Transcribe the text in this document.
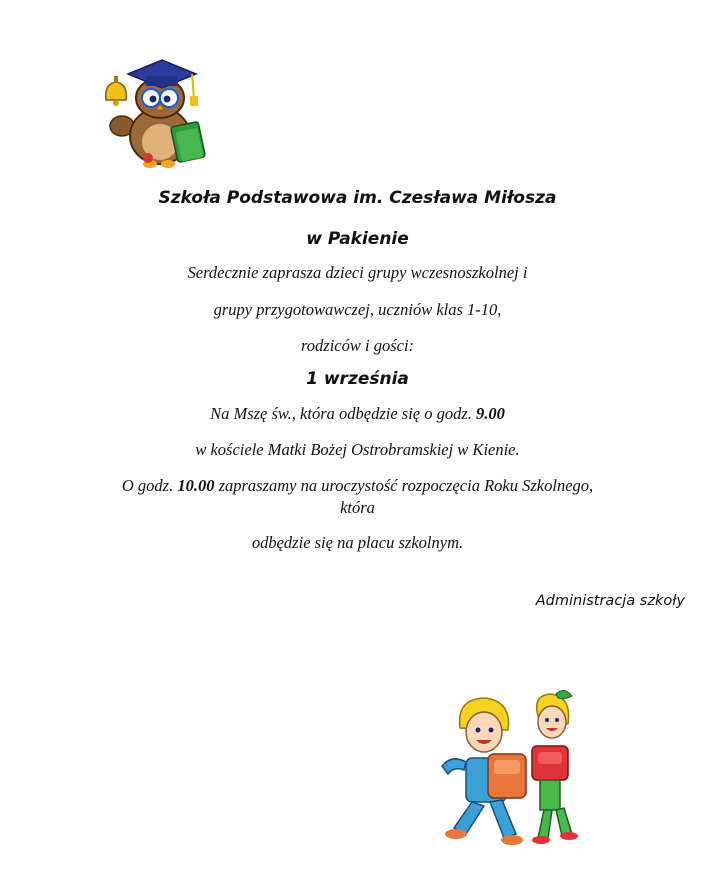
Szkoła Podstawowa im. Czesława Miłosza
w Pakienie
Serdecznie zaprasza dzieci grupy wczesnoszkolnej i
grupy przygotowawczej, uczniów klas 1-10,
rodziców i gości:
1 września
Na Mszę św., która odbędzie się o godz. 9.00
w kościele Matki Bożej Ostrobramskiej w Kienie.
O godz. 10.00 zapraszamy na uroczystość rozpoczęcia Roku Szkolnego,
która
odbędzie się na placu szkolnym.
Administracja szkoły
